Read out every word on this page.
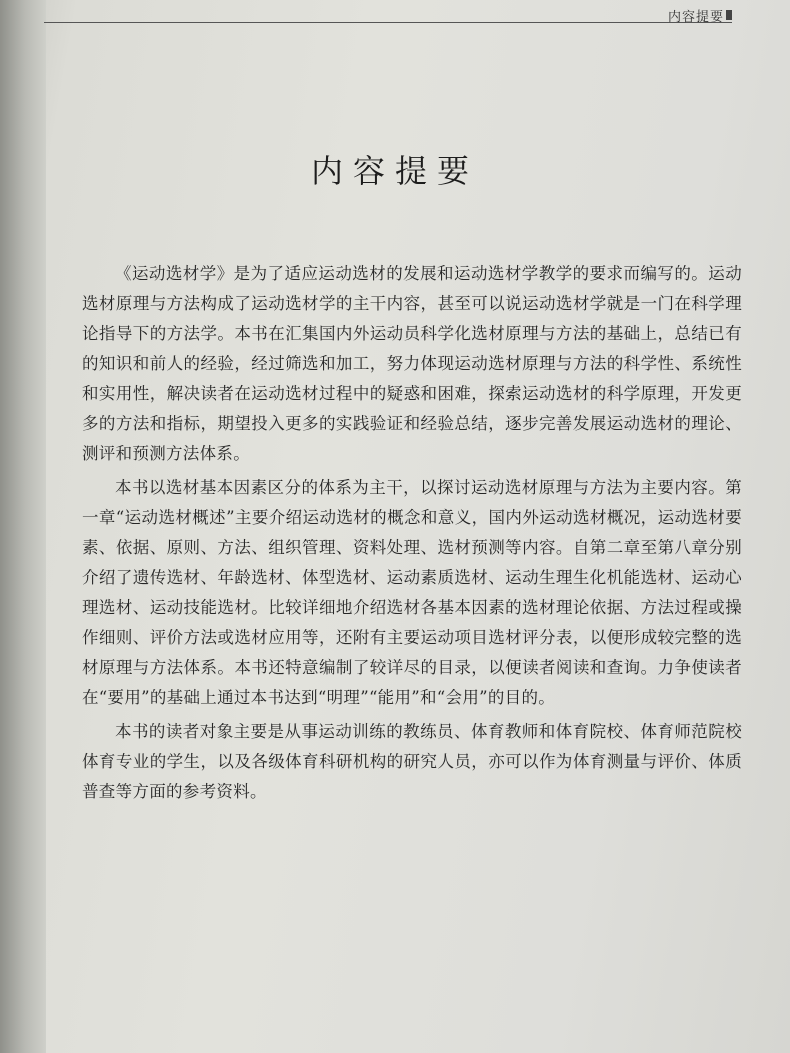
内容提要
内容提要

《运动选材学》是为了适应运动选材的发展和运动选材学教学的要求而编写的。运动选材原理与方法构成了运动选材学的主干内容，甚至可以说运动选材学就是一门在科学理论指导下的方法学。本书在汇集国内外运动员科学化选材原理与方法的基础上，总结已有的知识和前人的经验，经过筛选和加工，努力体现运动选材原理与方法的科学性、系统性和实用性，解决读者在运动选材过程中的疑惑和困难，探索运动选材的科学原理，开发更多的方法和指标，期望投入更多的实践验证和经验总结，逐步完善发展运动选材的理论、测评和预测方法体系。

本书以选材基本因素区分的体系为主干，以探讨运动选材原理与方法为主要内容。第一章“运动选材概述”主要介绍运动选材的概念和意义，国内外运动选材概况，运动选材要素、依据、原则、方法、组织管理、资料处理、选材预测等内容。自第二章至第八章分别介绍了遗传选材、年龄选材、体型选材、运动素质选材、运动生理生化机能选材、运动心理选材、运动技能选材。比较详细地介绍选材各基本因素的选材理论依据、方法过程或操作细则、评价方法或选材应用等，还附有主要运动项目选材评分表，以便形成较完整的选材原理与方法体系。本书还特意编制了较详尽的目录，以便读者阅读和查询。力争使读者在“要用”的基础上通过本书达到“明理”“能用”和“会用”的目的。

本书的读者对象主要是从事运动训练的教练员、体育教师和体育院校、体育师范院校体育专业的学生，以及各级体育科研机构的研究人员，亦可以作为体育测量与评价、体质普查等方面的参考资料。
